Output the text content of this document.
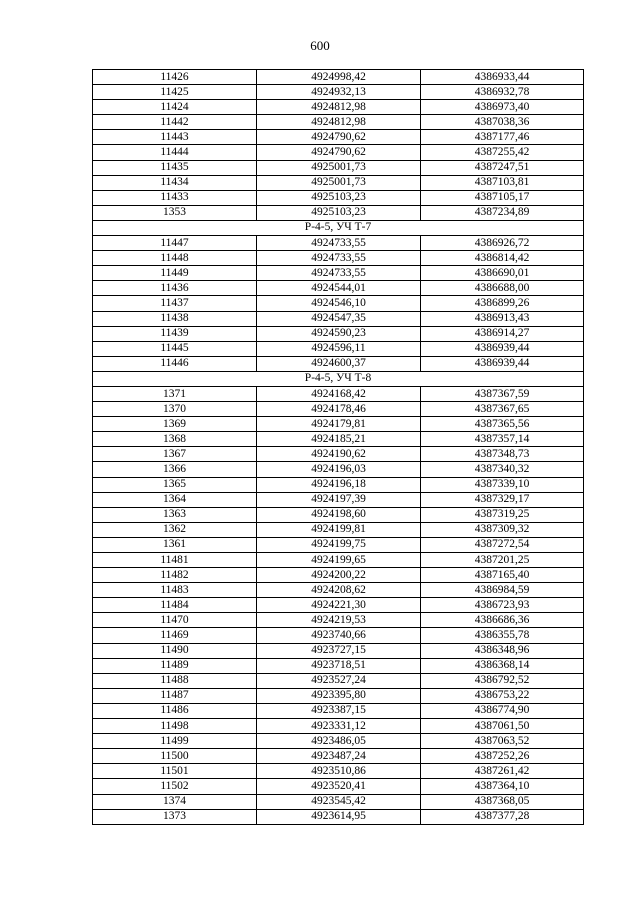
600
11426	4924998,42	4386933,44
11425	4924932,13	4386932,78
11424	4924812,98	4386973,40
11442	4924812,98	4387038,36
11443	4924790,62	4387177,46
11444	4924790,62	4387255,42
11435	4925001,73	4387247,51
11434	4925001,73	4387103,81
11433	4925103,23	4387105,17
1353	4925103,23	4387234,89
Р-4-5, УЧ Т-7		
11447	4924733,55	4386926,72
11448	4924733,55	4386814,42
11449	4924733,55	4386690,01
11436	4924544,01	4386688,00
11437	4924546,10	4386899,26
11438	4924547,35	4386913,43
11439	4924590,23	4386914,27
11445	4924596,11	4386939,44
11446	4924600,37	4386939,44
Р-4-5, УЧ Т-8		
1371	4924168,42	4387367,59
1370	4924178,46	4387367,65
1369	4924179,81	4387365,56
1368	4924185,21	4387357,14
1367	4924190,62	4387348,73
1366	4924196,03	4387340,32
1365	4924196,18	4387339,10
1364	4924197,39	4387329,17
1363	4924198,60	4387319,25
1362	4924199,81	4387309,32
1361	4924199,75	4387272,54
11481	4924199,65	4387201,25
11482	4924200,22	4387165,40
11483	4924208,62	4386984,59
11484	4924221,30	4386723,93
11470	4924219,53	4386686,36
11469	4923740,66	4386355,78
11490	4923727,15	4386348,96
11489	4923718,51	4386368,14
11488	4923527,24	4386792,52
11487	4923395,80	4386753,22
11486	4923387,15	4386774,90
11498	4923331,12	4387061,50
11499	4923486,05	4387063,52
11500	4923487,24	4387252,26
11501	4923510,86	4387261,42
11502	4923520,41	4387364,10
1374	4923545,42	4387368,05
1373	4923614,95	4387377,28
